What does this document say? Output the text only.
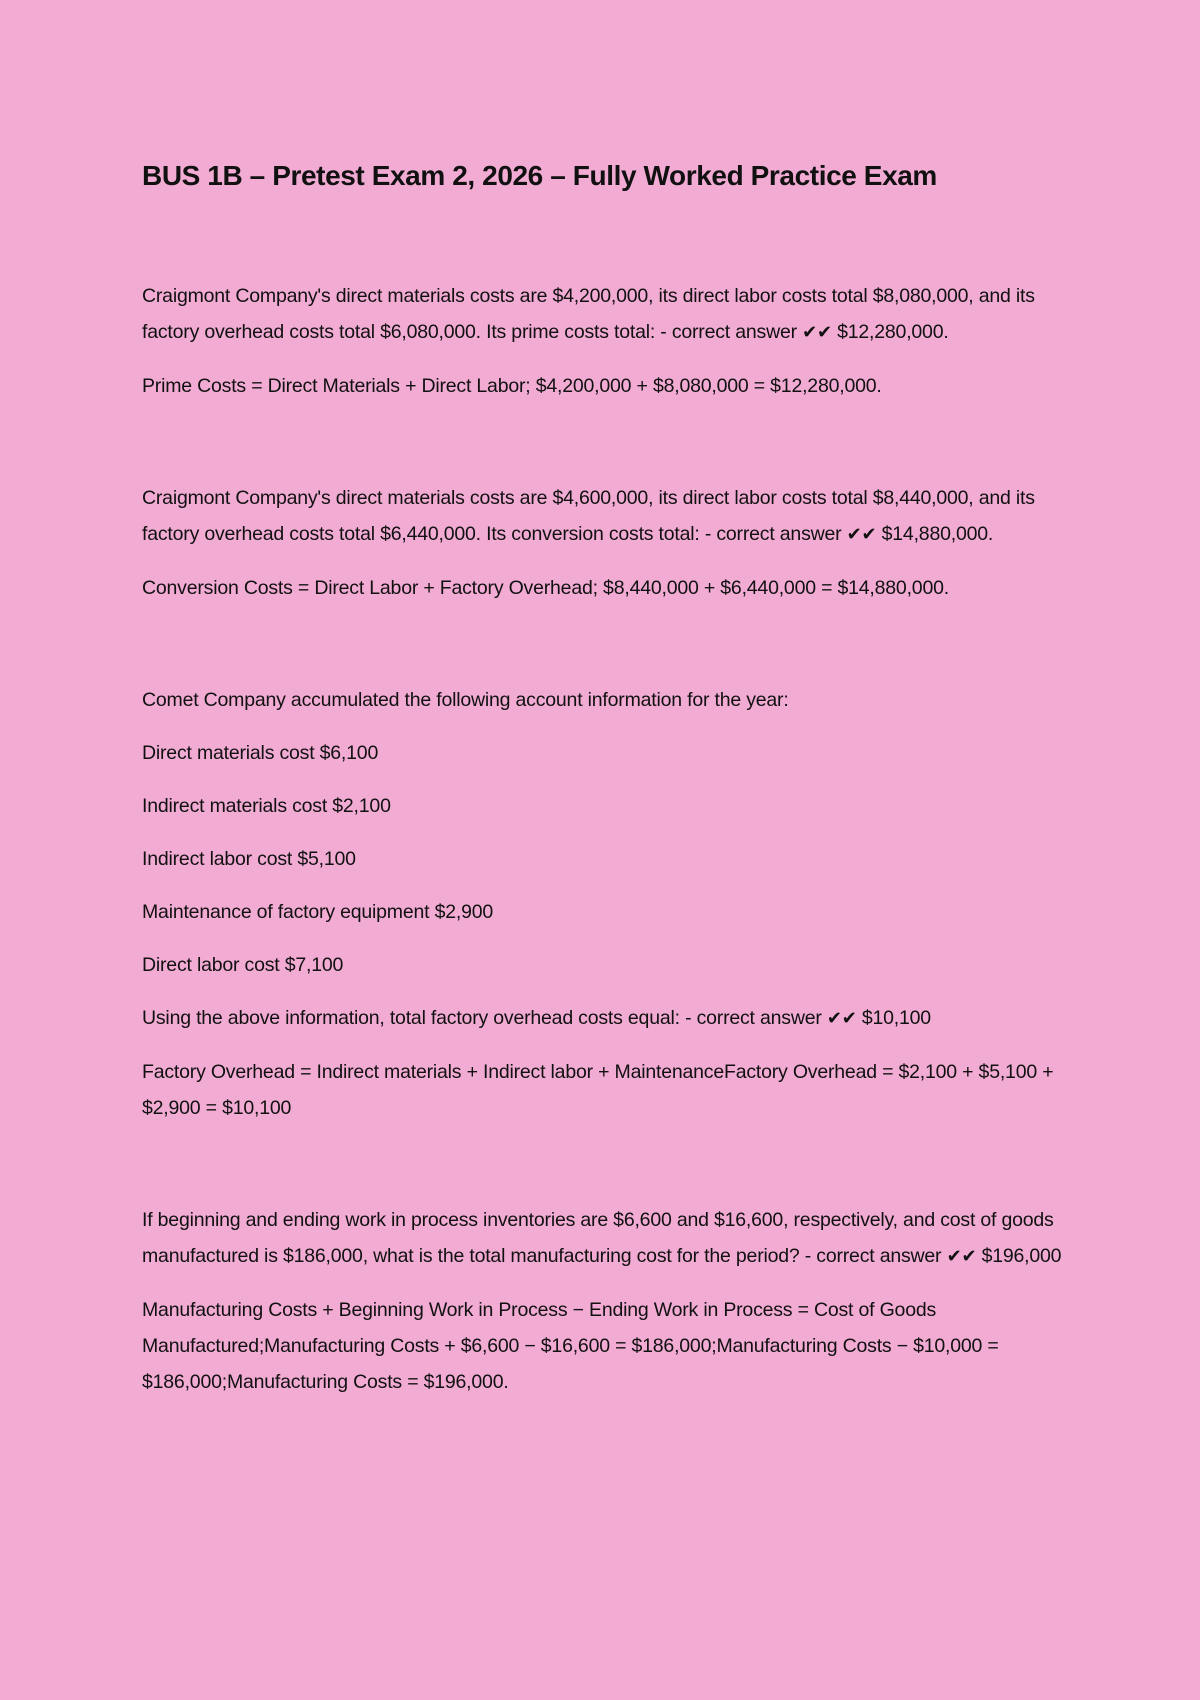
BUS 1B – Pretest Exam 2, 2026 – Fully Worked Practice Exam

Craigmont Company's direct materials costs are $4,200,000, its direct labor costs total $8,080,000, and its factory overhead costs total $6,080,000. Its prime costs total: - correct answer ✔✔ $12,280,000.

Prime Costs = Direct Materials + Direct Labor; $4,200,000 + $8,080,000 = $12,280,000.

Craigmont Company's direct materials costs are $4,600,000, its direct labor costs total $8,440,000, and its factory overhead costs total $6,440,000. Its conversion costs total: - correct answer ✔✔ $14,880,000.

Conversion Costs = Direct Labor + Factory Overhead; $8,440,000 + $6,440,000 = $14,880,000.

Comet Company accumulated the following account information for the year:

Direct materials cost $6,100

Indirect materials cost $2,100

Indirect labor cost $5,100

Maintenance of factory equipment $2,900

Direct labor cost $7,100

Using the above information, total factory overhead costs equal: - correct answer ✔✔ $10,100

Factory Overhead = Indirect materials + Indirect labor + MaintenanceFactory Overhead = $2,100 + $5,100 + $2,900 = $10,100

If beginning and ending work in process inventories are $6,600 and $16,600, respectively, and cost of goods manufactured is $186,000, what is the total manufacturing cost for the period? - correct answer ✔✔ $196,000

Manufacturing Costs + Beginning Work in Process − Ending Work in Process = Cost of Goods Manufactured;Manufacturing Costs + $6,600 − $16,600 = $186,000;Manufacturing Costs − $10,000 = $186,000;Manufacturing Costs = $196,000.
